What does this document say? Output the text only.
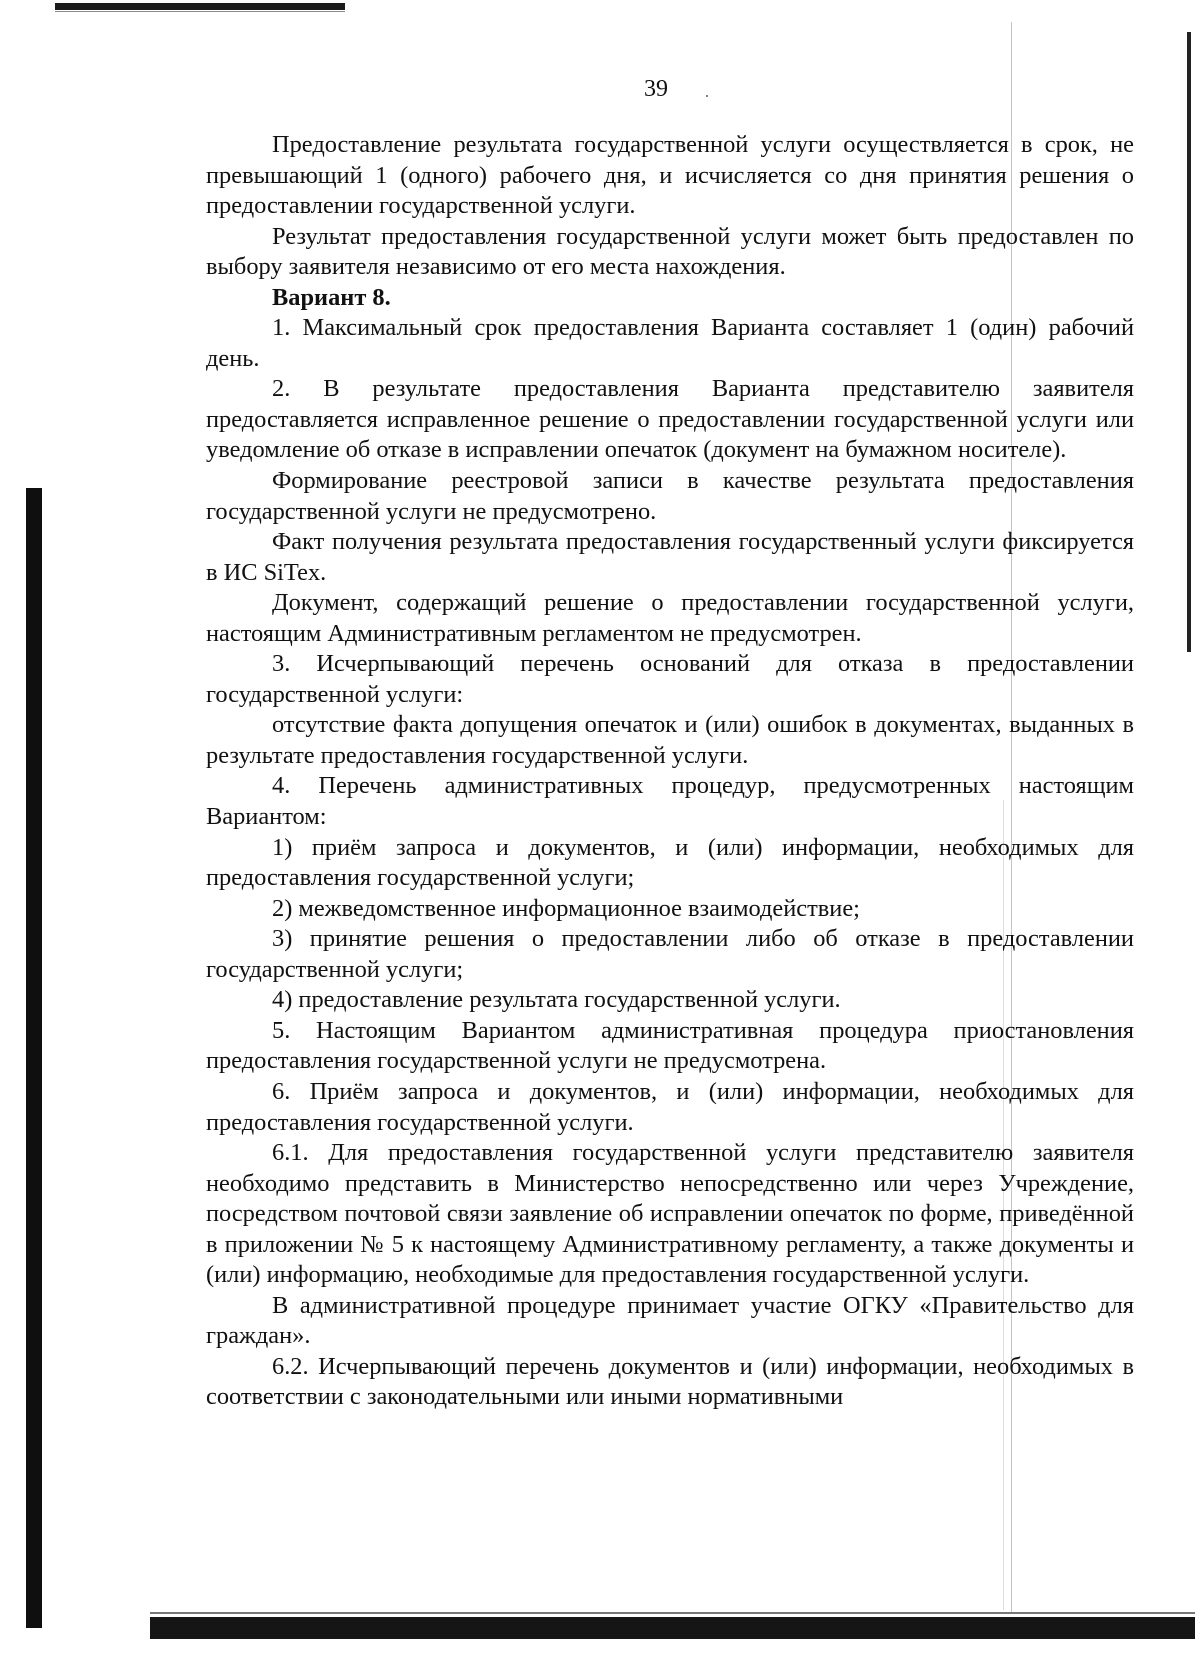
39

Предоставление результата государственной услуги осуществляется в срок, не превышающий 1 (одного) рабочего дня, и исчисляется со дня принятия решения о предоставлении государственной услуги.

Результат предоставления государственной услуги может быть предоставлен по выбору заявителя независимо от его места нахождения.

Вариант 8.

1. Максимальный срок предоставления Варианта составляет 1 (один) рабочий день.

2. В результате предоставления Варианта представителю заявителя предоставляется исправленное решение о предоставлении государственной услуги или уведомление об отказе в исправлении опечаток (документ на бумажном носителе).

Формирование реестровой записи в качестве результата предоставления государственной услуги не предусмотрено.

Факт получения результата предоставления государственный услуги фиксируется в ИС SiTex.

Документ, содержащий решение о предоставлении государственной услуги, настоящим Административным регламентом не предусмотрен.

3. Исчерпывающий перечень оснований для отказа в предоставлении государственной услуги:

отсутствие факта допущения опечаток и (или) ошибок в документах, выданных в результате предоставления государственной услуги.

4. Перечень административных процедур, предусмотренных настоящим Вариантом:

1) приём запроса и документов, и (или) информации, необходимых для предоставления государственной услуги;

2) межведомственное информационное взаимодействие;

3) принятие решения о предоставлении либо об отказе в предоставлении государственной услуги;

4) предоставление результата государственной услуги.

5. Настоящим Вариантом административная процедура приостановления предоставления государственной услуги не предусмотрена.

6. Приём запроса и документов, и (или) информации, необходимых для предоставления государственной услуги.

6.1. Для предоставления государственной услуги представителю заявителя необходимо представить в Министерство непосредственно или через Учреждение, посредством почтовой связи заявление об исправлении опечаток по форме, приведённой в приложении № 5 к настоящему Административному регламенту, а также документы и (или) информацию, необходимые для предоставления государственной услуги.

В административной процедуре принимает участие ОГКУ «Правительство для граждан».

6.2. Исчерпывающий перечень документов и (или) информации, необходимых в соответствии с законодательными или иными нормативными
